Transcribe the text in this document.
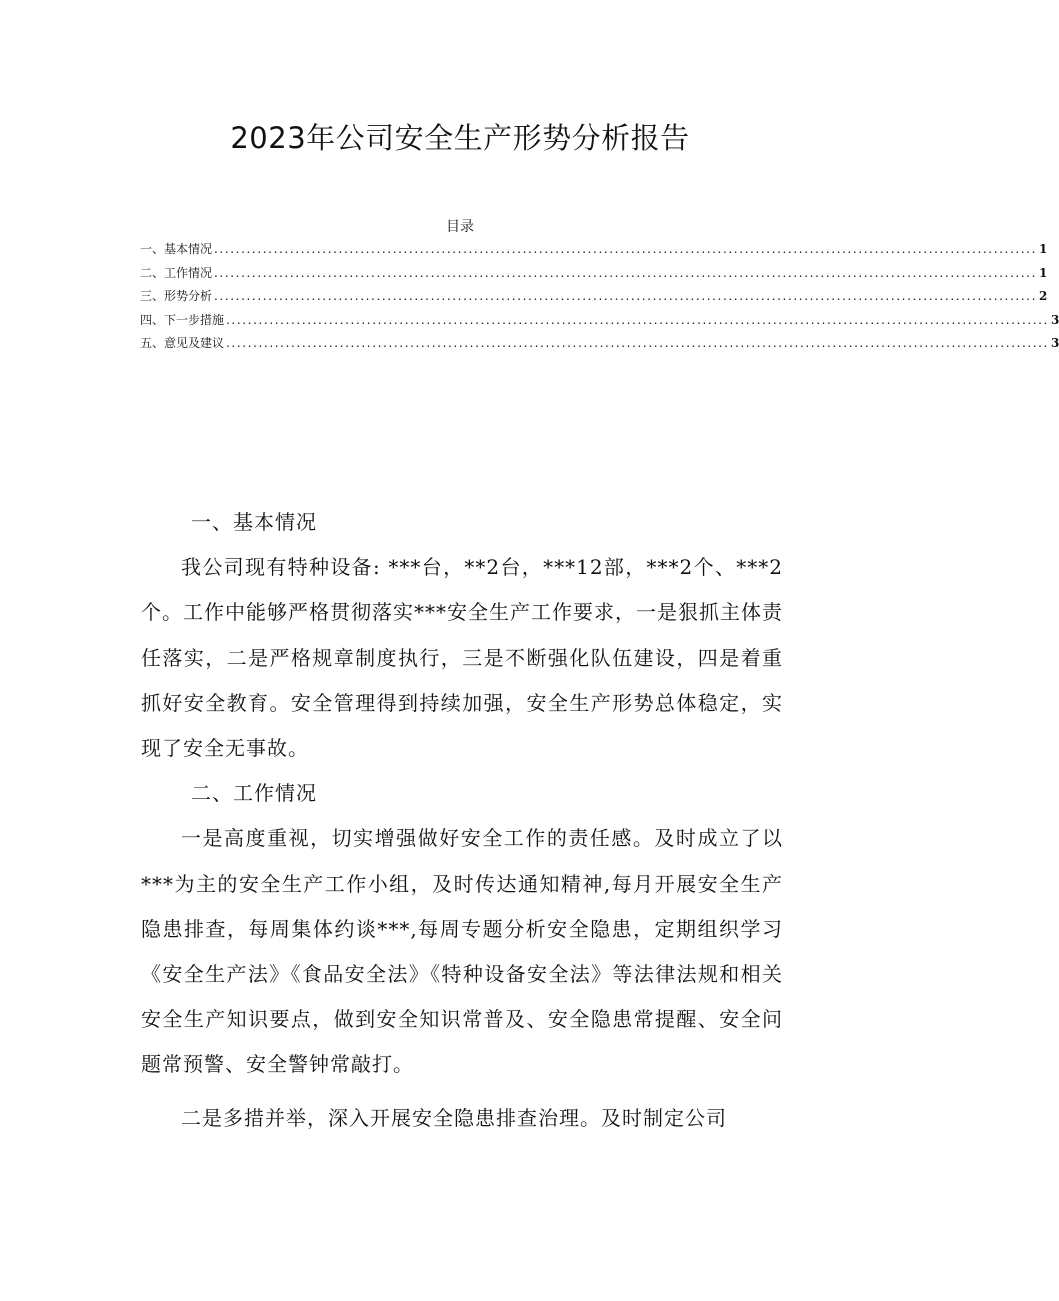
2023年公司安全生产形势分析报告
目录
一、基本情况 ........................................................................................................................................................ 1
二、工作情况 ........................................................................................................................................................ 1
三、形势分析 ........................................................................................................................................................ 2
四、下一步措施 ........................................................................................................................................................ 3
五、意见及建议 ........................................................................................................................................................ 3

一、基本情况

我公司现有特种设备: ***台，**2台，***12部，***2个、***2个。工作中能够严格贯彻落实***安全生产工作要求，一是狠抓主体责任落实，二是严格规章制度执行，三是不断强化队伍建设，四是着重抓好安全教育。安全管理得到持续加强，安全生产形势总体稳定，实现了安全无事故。

二、工作情况

一是高度重视，切实增强做好安全工作的责任感。及时成立了以***为主的安全生产工作小组，及时传达通知精神,每月开展安全生产隐患排查，每周集体约谈***,每周专题分析安全隐患，定期组织学习《安全生产法》《食品安全法》《特种设备安全法》等法律法规和相关安全生产知识要点，做到安全知识常普及、安全隐患常提醒、安全问题常预警、安全警钟常敲打。

二是多措并举，深入开展安全隐患排查治理。及时制定公司
